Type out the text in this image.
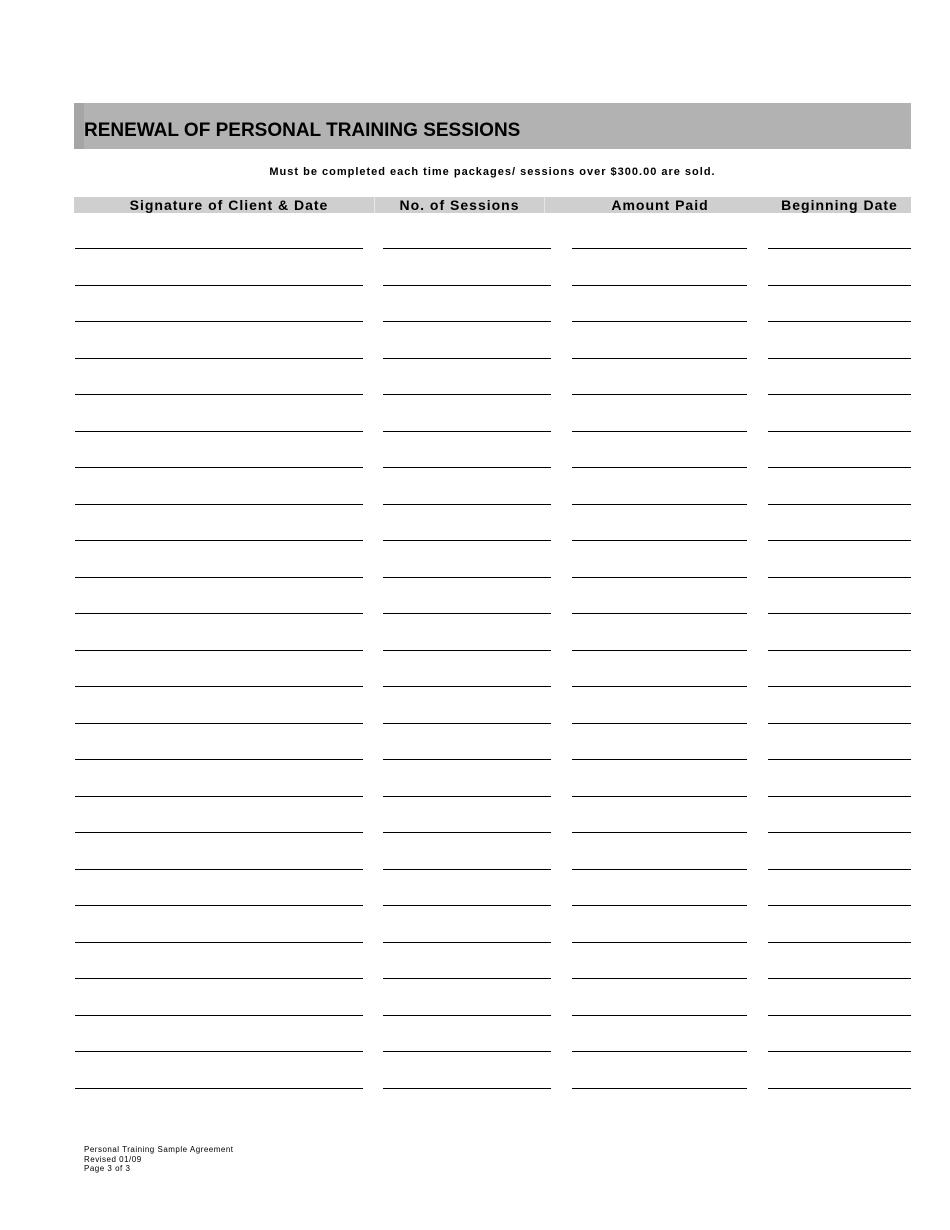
RENEWAL OF PERSONAL TRAINING SESSIONS
Must be completed each time packages/ sessions over $300.00 are sold.
Signature of Client & Date	No. of Sessions	Amount Paid	Beginning Date
Personal Training Sample Agreement
Revised 01/09
Page 3 of 3
